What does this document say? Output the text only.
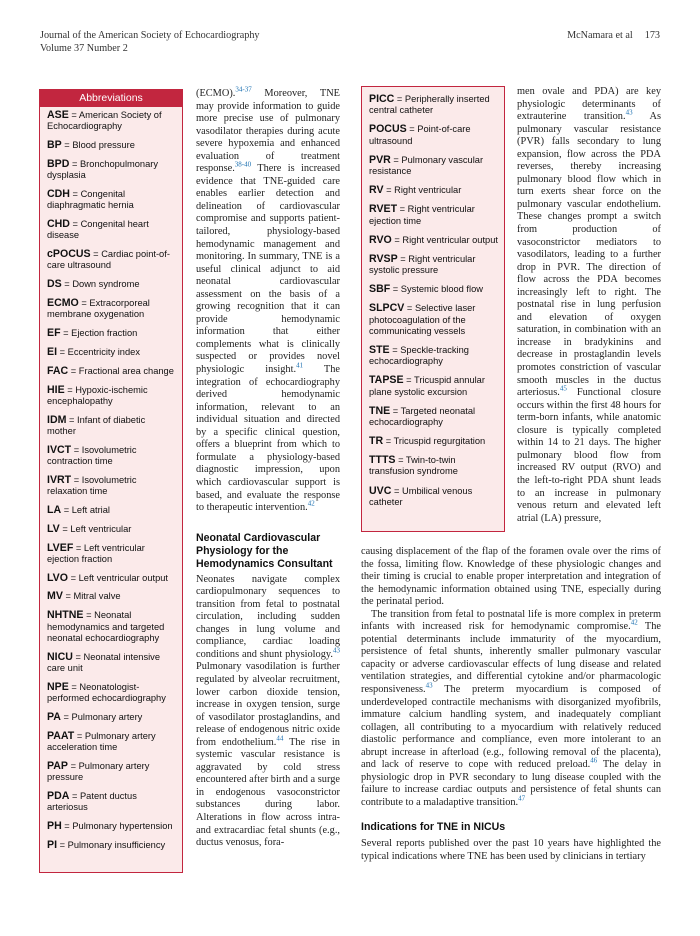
Journal of the American Society of Echocardiography
Volume 37 Number 2
McNamara et al 173
Abbreviations
ASE = American Society of Echocardiography
BP = Blood pressure
BPD = Bronchopulmonary dysplasia
CDH = Congenital diaphragmatic hernia
CHD = Congenital heart disease
cPOCUS = Cardiac point-of-care ultrasound
DS = Down syndrome
ECMO = Extracorporeal membrane oxygenation
EF = Ejection fraction
EI = Eccentricity index
FAC = Fractional area change
HIE = Hypoxic-ischemic encephalopathy
IDM = Infant of diabetic mother
IVCT = Isovolumetric contraction time
IVRT = Isovolumetric relaxation time
LA = Left atrial
LV = Left ventricular
LVEF = Left ventricular ejection fraction
LVO = Left ventricular output
MV = Mitral valve
NHTNE = Neonatal hemodynamics and targeted neonatal echocardiography
NICU = Neonatal intensive care unit
NPE = Neonatologist-performed echocardiography
PA = Pulmonary artery
PAAT = Pulmonary artery acceleration time
PAP = Pulmonary artery pressure
PDA = Patent ductus arteriosus
PH = Pulmonary hypertension
PI = Pulmonary insufficiency
PICC = Peripherally inserted central catheter
POCUS = Point-of-care ultrasound
PVR = Pulmonary vascular resistance
RV = Right ventricular
RVET = Right ventricular ejection time
RVO = Right ventricular output
RVSP = Right ventricular systolic pressure
SBF = Systemic blood flow
SLPCV = Selective laser photocoagulation of the communicating vessels
STE = Speckle-tracking echocardiography
TAPSE = Tricuspid annular plane systolic excursion
TNE = Targeted neonatal echocardiography
TR = Tricuspid regurgitation
TTTS = Twin-to-twin transfusion syndrome
UVC = Umbilical venous catheter

(ECMO).$^{34-37}$ Moreover, TNE may provide information to guide more precise use of pulmonary vasodilator therapies during acute severe hypoxemia and enhanced evaluation of treatment response.$^{38-40}$ There is increased evidence that TNE-guided care enables earlier detection and delineation of cardiovascular compromise and supports patient-tailored, physiology-based hemodynamic management and monitoring. In summary, TNE is a useful clinical adjunct to aid neonatal cardiovascular assessment on the basis of a growing recognition that it can provide hemodynamic information that either complements what is clinically suspected or provides novel physiologic insight.$^{41}$ The integration of echocardiography derived hemodynamic information, relevant to an individual situation and directed by a specific clinical question, offers a blueprint from which to formulate a physiology-based diagnostic impression, upon which cardiovascular support is based, and evaluate the response to therapeutic intervention.$^{42}$

Neonatal Cardiovascular Physiology for the Hemodynamics Consultant

Neonates navigate complex cardiopulmonary sequences to transition from fetal to postnatal circulation, including sudden changes in lung volume and compliance, cardiac loading conditions and shunt physiology.$^{43}$ Pulmonary vasodilation is further regulated by alveolar recruitment, lower carbon dioxide tension, increase in oxygen tension, surge of vasodilator prostaglandins, and release of endogenous nitric oxide from endothelium.$^{44}$ The rise in systemic vascular resistance is aggravated by cold stress encountered after birth and a surge in endogenous vasoconstrictor substances during labor. Alterations in flow across intra- and extracardiac fetal shunts (e.g., ductus venosus, fora-

men ovale and PDA) are key physiologic determinants of extrauterine transition.$^{43}$ As pulmonary vascular resistance (PVR) falls secondary to lung expansion, flow across the PDA reverses, thereby increasing pulmonary blood flow which in turn exerts shear force on the pulmonary vascular endothelium. These changes prompt a switch from production of vasoconstrictor mediators to vasodilators, leading to a further drop in PVR. The direction of flow across the PDA becomes increasingly left to right. The postnatal rise in lung perfusion and elevation of oxygen saturation, in combination with an increase in bradykinins and decrease in prostaglandin levels promotes constriction of vascular smooth muscles in the ductus arteriosus.$^{45}$ Functional closure occurs within the first 48 hours for term-born infants, while anatomic closure is typically completed within 14 to 21 days. The higher pulmonary blood flow from increased RV output (RVO) and the left-to-right PDA shunt leads to an increase in pulmonary venous return and elevated left atrial (LA) pressure,

causing displacement of the flap of the foramen ovale over the rims of the fossa, limiting flow. Knowledge of these physiologic changes and their timing is crucial to enable proper interpretation and integration of the hemodynamic information obtained using TNE, especially during the perinatal period.

The transition from fetal to postnatal life is more complex in preterm infants with increased risk for hemodynamic compromise.$^{42}$ The potential determinants include immaturity of the myocardium, persistence of fetal shunts, inherently smaller pulmonary vascular capacity or adverse cardiovascular effects of lung disease and related ventilation strategies, and differential cytokine and/or pharmacologic responsiveness.$^{43}$ The preterm myocardium is composed of underdeveloped contractile mechanisms with disorganized myofibrils, immature calcium handling system, and inadequately compliant collagen, all contributing to a myocardium with relatively reduced diastolic performance and compliance, even more intolerant to an abrupt increase in afterload (e.g., following removal of the placenta), and lack of reserve to cope with reduced preload.$^{46}$ The delay in physiologic drop in PVR secondary to lung disease coupled with the failure to increase cardiac outputs and persistence of fetal shunts can contribute to a maladaptive transition.$^{47}$

Indications for TNE in NICUs

Several reports published over the past 10 years have highlighted the typical indications where TNE has been used by clinicians in tertiary
